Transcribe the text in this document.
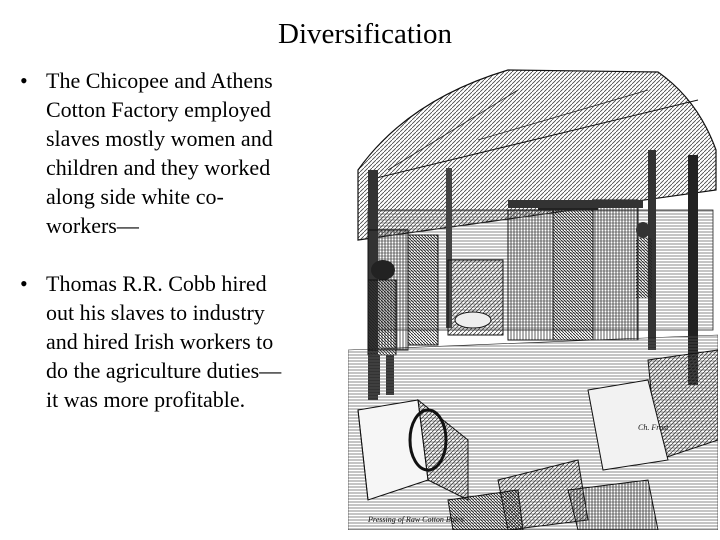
Diversification
• The Chicopee and Athens
Cotton Factory employed
slaves mostly women and
children and they worked
along side white co-
workers—
• Thomas R.R. Cobb hired
out his slaves to industry
and hired Irish workers to
do the agriculture duties—
it was more profitable.
Pressing of Raw Cotton Bales
Ch. Frost
